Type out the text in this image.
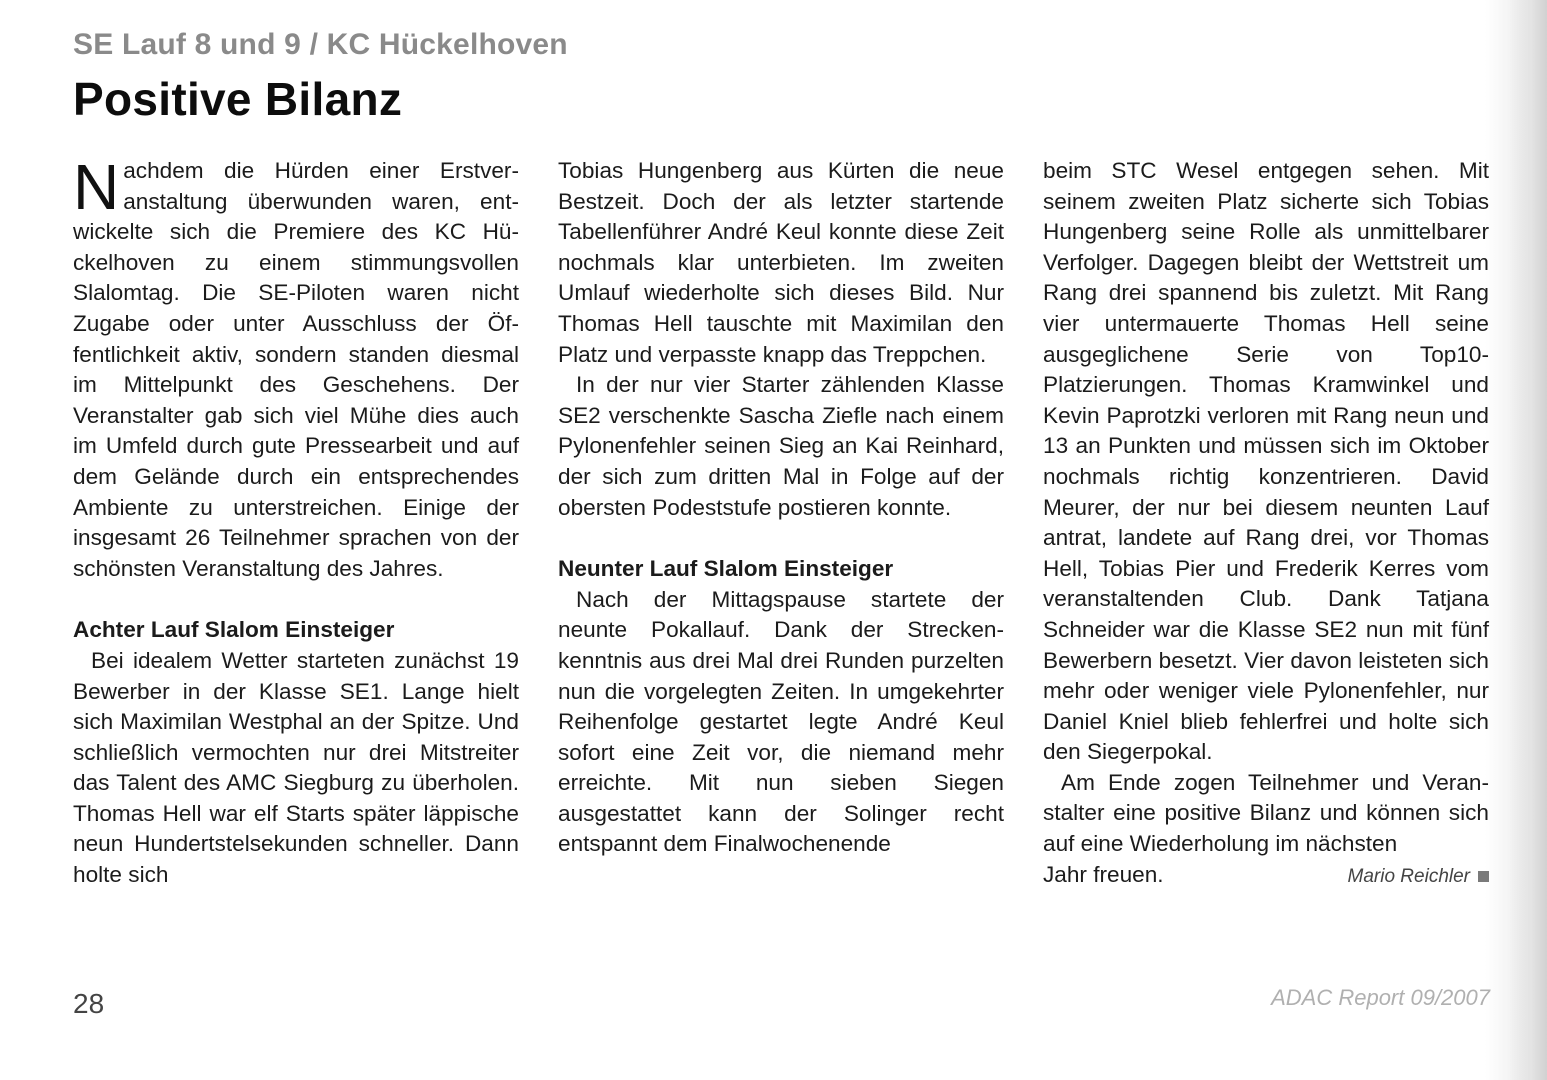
SE Lauf 8 und 9 / KC Hückelhoven
Positive Bilanz

Nachdem die Hürden einer Erstveranstaltung überwunden waren, entwickelte sich die Premiere des KC Hückelhoven zu einem stimmungsvollen Slalomtag. Die SE-Piloten waren nicht Zugabe oder unter Ausschluss der Öffentlichkeit aktiv, sondern standen diesmal im Mittelpunkt des Geschehens. Der Veranstalter gab sich viel Mühe dies auch im Umfeld durch gute Pressearbeit und auf dem Gelände durch ein entsprechendes Ambiente zu unterstreichen. Einige der insgesamt 26 Teilnehmer sprachen von der schönsten Veranstaltung des Jahres.

Achter Lauf Slalom Einsteiger

Bei idealem Wetter starteten zunächst 19 Bewerber in der Klasse SE1. Lange hielt sich Maximilan Westphal an der Spitze. Und schließlich vermochten nur drei Mitstreiter das Talent des AMC Siegburg zu überholen. Thomas Hell war elf Starts später läppische neun Hundertstelsekunden schneller. Dann holte sich

Tobias Hungenberg aus Kürten die neue Bestzeit. Doch der als letzter startende Tabellenführer André Keul konnte diese Zeit nochmals klar unterbieten. Im zweiten Umlauf wiederholte sich dieses Bild. Nur Thomas Hell tauschte mit Maximilan den Platz und verpasste knapp das Treppchen.

In der nur vier Starter zählenden Klasse SE2 verschenkte Sascha Ziefle nach einem Pylonenfehler seinen Sieg an Kai Reinhard, der sich zum dritten Mal in Folge auf der obersten Podeststufe postieren konnte.

Neunter Lauf Slalom Einsteiger

Nach der Mittagspause startete der neunte Pokallauf. Dank der Streckenkenntnis aus drei Mal drei Runden purzelten nun die vorgelegten Zeiten. In umgekehrter Reihenfolge gestartet legte André Keul sofort eine Zeit vor, die niemand mehr erreichte. Mit nun sieben Siegen ausgestattet kann der Solinger recht entspannt dem Finalwochenende

beim STC Wesel entgegen sehen. Mit seinem zweiten Platz sicherte sich Tobias Hungenberg seine Rolle als unmittelbarer Verfolger. Dagegen bleibt der Wettstreit um Rang drei spannend bis zuletzt. Mit Rang vier untermauerte Thomas Hell seine ausgeglichene Serie von Top10-Platzierungen. Thomas Kramwinkel und Kevin Paprotzki verloren mit Rang neun und 13 an Punkten und müssen sich im Oktober nochmals richtig konzentrieren. David Meurer, der nur bei diesem neunten Lauf antrat, landete auf Rang drei, vor Thomas Hell, Tobias Pier und Frederik Kerres vom veranstaltenden Club. Dank Tatjana Schneider war die Klasse SE2 nun mit fünf Bewerbern besetzt. Vier davon leisteten sich mehr oder weniger viele Pylonenfehler, nur Daniel Kniel blieb fehlerfrei und holte sich den Siegerpokal.

Am Ende zogen Teilnehmer und Veranstalter eine positive Bilanz und können sich auf eine Wiederholung im nächsten

Jahr freuen.	Mario Reichler
28	ADAC Report 09/2007
